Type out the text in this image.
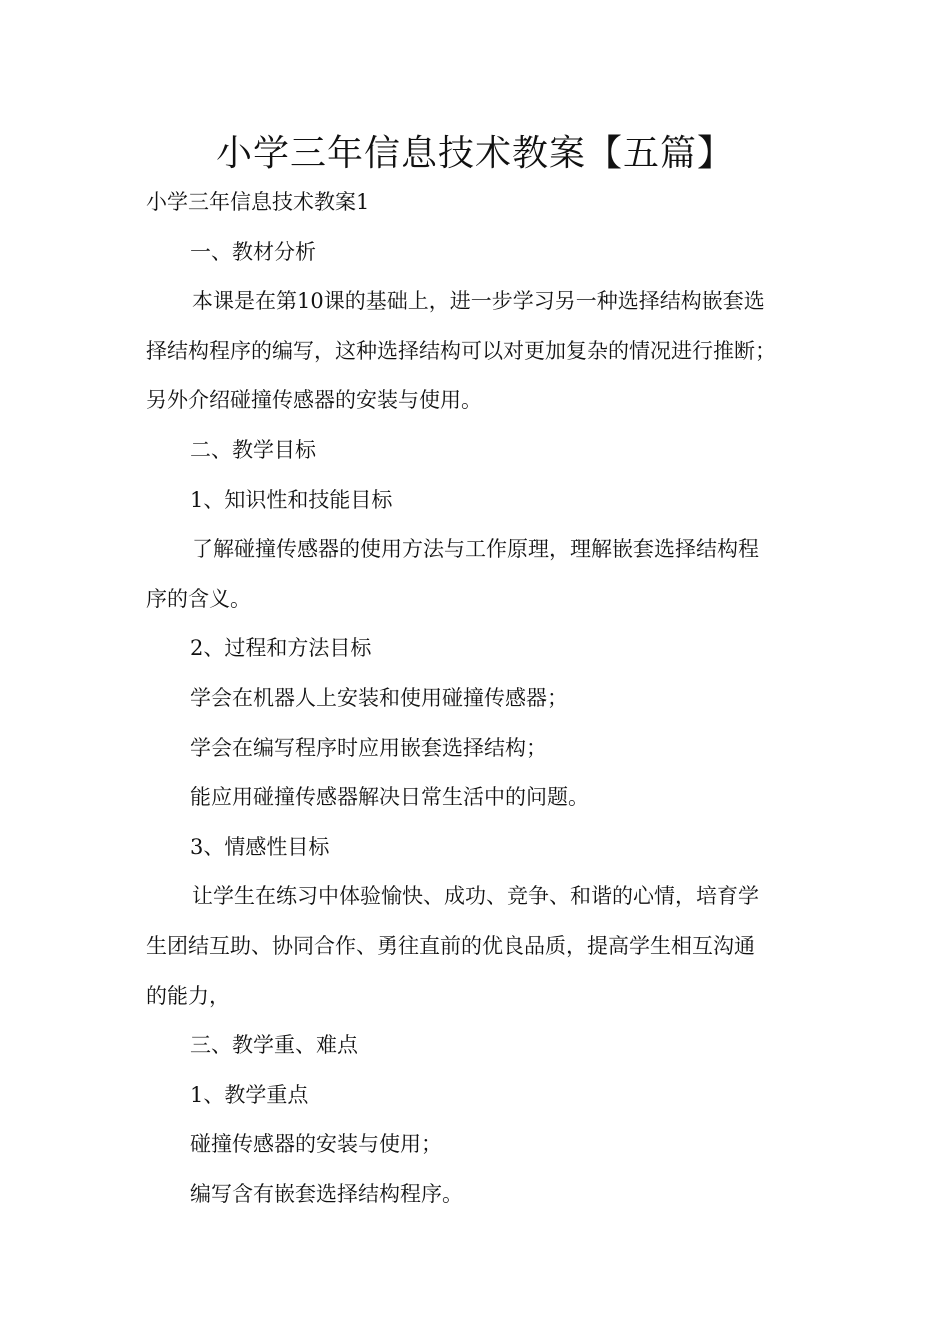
小学三年信息技术教案【五篇】
小学三年信息技术教案1
一、教材分析
本课是在第10课的基础上，进一步学习另一种选择结构嵌套选
择结构程序的编写，这种选择结构可以对更加复杂的情况进行推断；
另外介绍碰撞传感器的安装与使用。
二、教学目标
1、知识性和技能目标
了解碰撞传感器的使用方法与工作原理，理解嵌套选择结构程
序的含义。
2、过程和方法目标
学会在机器人上安装和使用碰撞传感器；
学会在编写程序时应用嵌套选择结构；
能应用碰撞传感器解决日常生活中的问题。
3、情感性目标
让学生在练习中体验愉快、成功、竞争、和谐的心情，培育学
生团结互助、协同合作、勇往直前的优良品质，提高学生相互沟通
的能力，
三、教学重、难点
1、教学重点
碰撞传感器的安装与使用；
编写含有嵌套选择结构程序。
